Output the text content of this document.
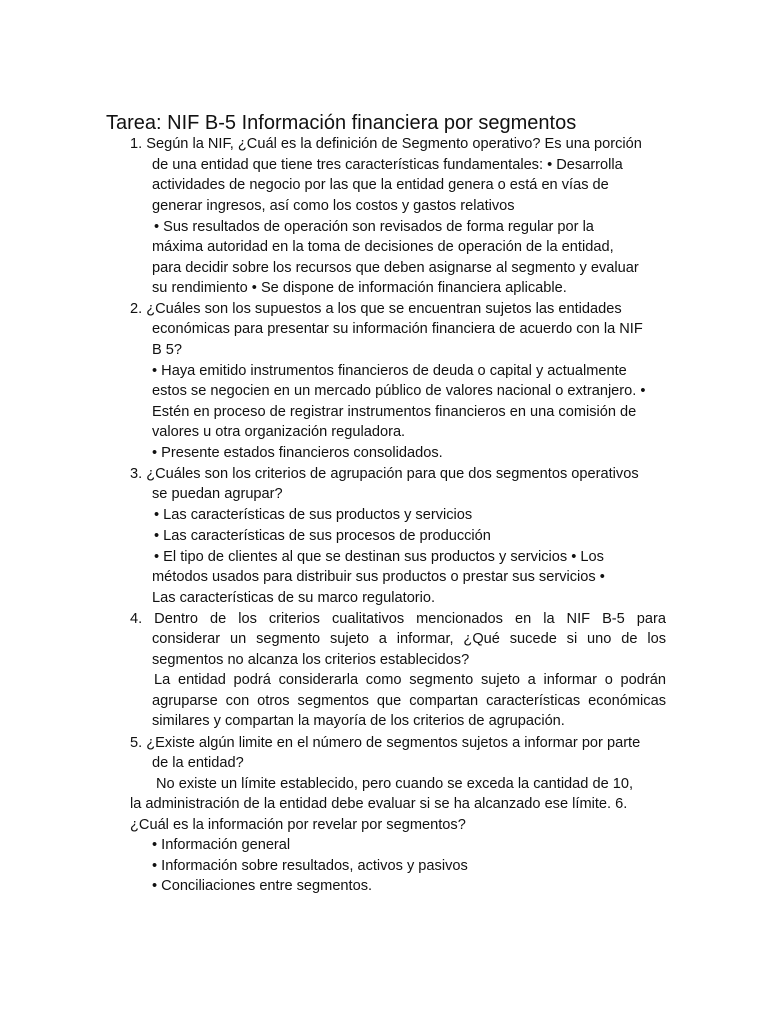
Tarea: NIF B-5 Información financiera por segmentos
1. Según la NIF, ¿Cuál es la definición de Segmento operativo? Es una porción
de una entidad que tiene tres características fundamentales: • Desarrolla
actividades de negocio por las que la entidad genera o está en vías de
generar ingresos, así como los costos y gastos relativos
• Sus resultados de operación son revisados de forma regular por la
máxima autoridad en la toma de decisiones de operación de la entidad,
para decidir sobre los recursos que deben asignarse al segmento y evaluar
su rendimiento • Se dispone de información financiera aplicable.
2. ¿Cuáles son los supuestos a los que se encuentran sujetos las entidades
económicas para presentar su información financiera de acuerdo con la NIF
B 5?
• Haya emitido instrumentos financieros de deuda o capital y actualmente
estos se negocien en un mercado público de valores nacional o extranjero. •
Estén en proceso de registrar instrumentos financieros en una comisión de
valores u otra organización reguladora.
• Presente estados financieros consolidados.
3. ¿Cuáles son los criterios de agrupación para que dos segmentos operativos
se puedan agrupar?
• Las características de sus productos y servicios
• Las características de sus procesos de producción
• El tipo de clientes al que se destinan sus productos y servicios • Los
métodos usados para distribuir sus productos o prestar sus servicios •
Las características de su marco regulatorio.
4. Dentro de los criterios cualitativos mencionados en la NIF B-5 para
considerar un segmento sujeto a informar, ¿Qué sucede si uno de los
segmentos no alcanza los criterios establecidos?
La entidad podrá considerarla como segmento sujeto a informar o podrán
agruparse con otros segmentos que compartan características económicas
similares y compartan la mayoría de los criterios de agrupación.
5. ¿Existe algún limite en el número de segmentos sujetos a informar por parte
de la entidad?
No existe un límite establecido, pero cuando se exceda la cantidad de 10,
la administración de la entidad debe evaluar si se ha alcanzado ese límite. 6.
¿Cuál es la información por revelar por segmentos?
• Información general
• Información sobre resultados, activos y pasivos
• Conciliaciones entre segmentos.
